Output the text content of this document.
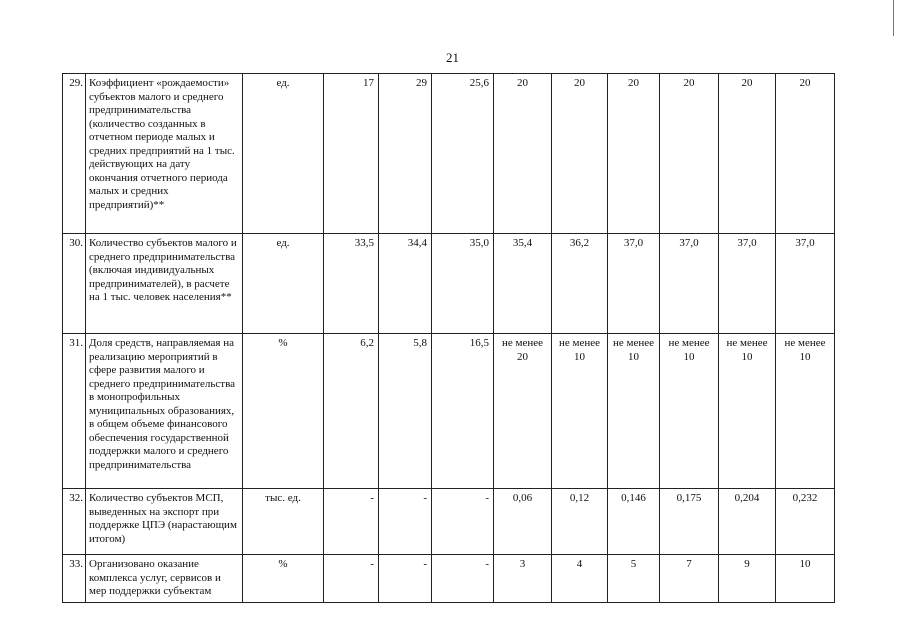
21
29.	Коэффициент «рождаемости» субъектов малого и среднего предпринимательства (количество созданных в отчетном периоде малых и средних предприятий на 1 тыс. действующих на дату окончания отчетного периода малых и средних предприятий)**	ед.	17	29	25,6	20	20	20	20	20	20
30.	Количество субъектов малого и среднего предпринимательства (включая индивидуальных предпринимателей), в расчете на 1 тыс. человек населения**	ед.	33,5	34,4	35,0	35,4	36,2	37,0	37,0	37,0	37,0
31.	Доля средств, направляемая на реализацию мероприятий в сфере развития малого и среднего предпринимательства в монопрофильных муниципальных образованиях, в общем объеме финансового обеспечения государственной поддержки малого и среднего предпринимательства	%	6,2	5,8	16,5	не менее 20	не менее 10	не менее 10	не менее 10	не менее 10	не менее 10
32.	Количество субъектов МСП, выведенных на экспорт при поддержке ЦПЭ (нарастающим итогом)	тыс. ед.	-	-	-	0,06	0,12	0,146	0,175	0,204	0,232
33.	Организовано оказание комплекса услуг, сервисов и мер поддержки субъектам	%	-	-	-	3	4	5	7	9	10
